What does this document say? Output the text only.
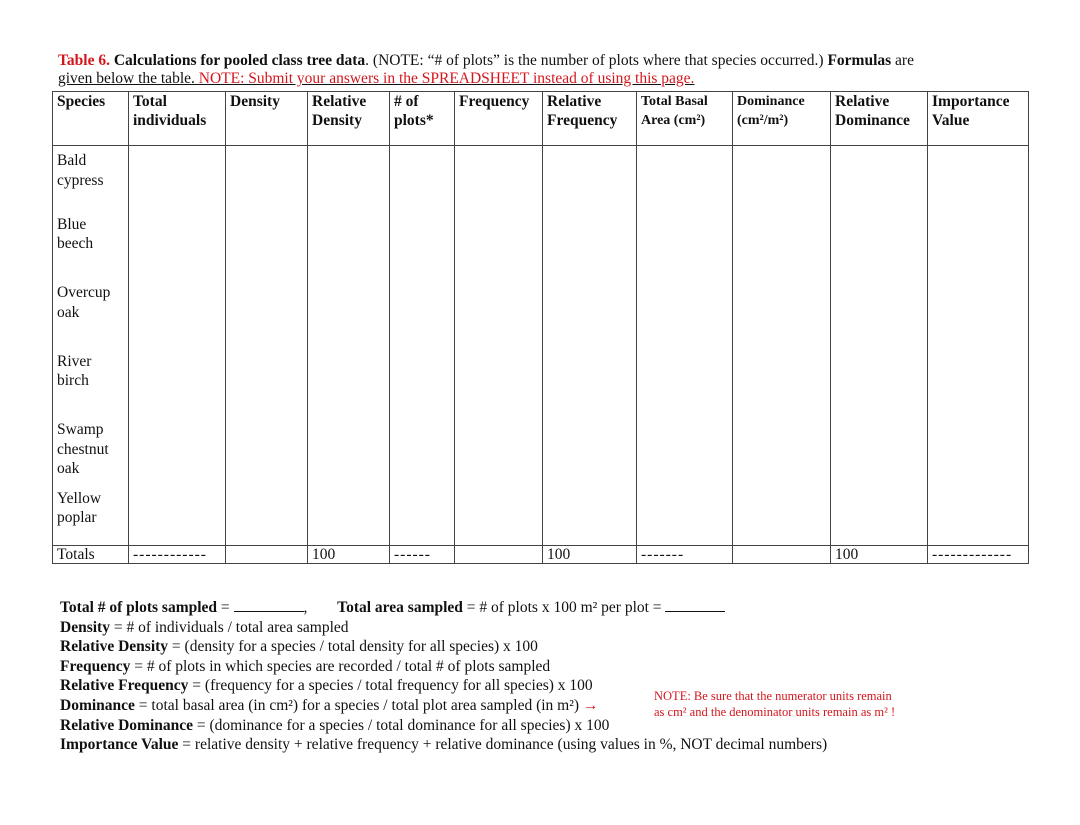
Table 6. Calculations for pooled class tree data. (NOTE: “# of plots” is the number of plots where that species occurred.) Formulas are
given below the table. NOTE: Submit your answers in the SPREADSHEET instead of using this page.
Species	Total individuals	Density	Relative Density	# of plots*	Frequency	Relative Frequency	Total Basal Area (cm²)	Dominance (cm²/m²)	Relative Dominance	Importance Value
Bald cypress										
Blue beech										
Overcup oak										
River birch										
Swamp chestnut oak										
Yellow poplar										
Totals	------------		100	------		100	-------		100	-------------
Total # of plots sampled =	, Total area sampled = # of plots x 100 m² per plot =
Density = # of individuals / total area sampled
Relative Density = (density for a species / total density for all species) x 100
Frequency = # of plots in which species are recorded / total # of plots sampled
Relative Frequency = (frequency for a species / total frequency for all species) x 100
Dominance = total basal area (in cm²) for a species / total plot area sampled (in m²) →
Relative Dominance = (dominance for a species / total dominance for all species) x 100
Importance Value = relative density + relative frequency + relative dominance (using values in %, NOT decimal numbers)
NOTE: Be sure that the numerator units remain
as cm² and the denominator units remain as m² !
